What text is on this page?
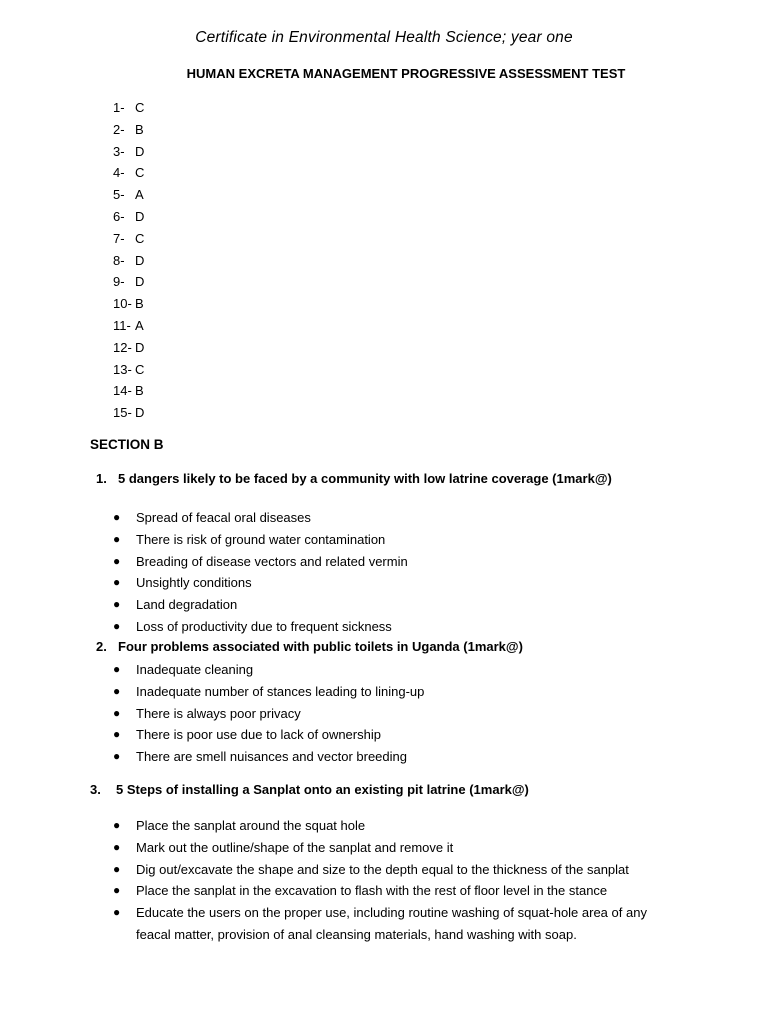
Certificate in Environmental Health Science; year one
HUMAN EXCRETA MANAGEMENT PROGRESSIVE ASSESSMENT TEST
1- C
2- B
3- D
4- C
5- A
6- D
7- C
8- D
9- D
10- B
11- A
12- D
13- C
14- B
15- D
SECTION B
1. 5 dangers likely to be faced by a community with low latrine coverage (1mark@)
● Spread of feacal oral diseases
● There is risk of ground water contamination
● Breading of disease vectors and related vermin
● Unsightly conditions
● Land degradation
● Loss of productivity due to frequent sickness
2. Four problems associated with public toilets in Uganda (1mark@)
● Inadequate cleaning
● Inadequate number of stances leading to lining-up
● There is always poor privacy
● There is poor use due to lack of ownership
● There are smell nuisances and vector breeding
3. 5 Steps of installing a Sanplat onto an existing pit latrine (1mark@)
● Place the sanplat around the squat hole
● Mark out the outline/shape of the sanplat and remove it
● Dig out/excavate the shape and size to the depth equal to the thickness of the sanplat
● Place the sanplat in the excavation to flash with the rest of floor level in the stance
● Educate the users on the proper use, including routine washing of squat-hole area of any feacal matter, provision of anal cleansing materials, hand washing with soap.
